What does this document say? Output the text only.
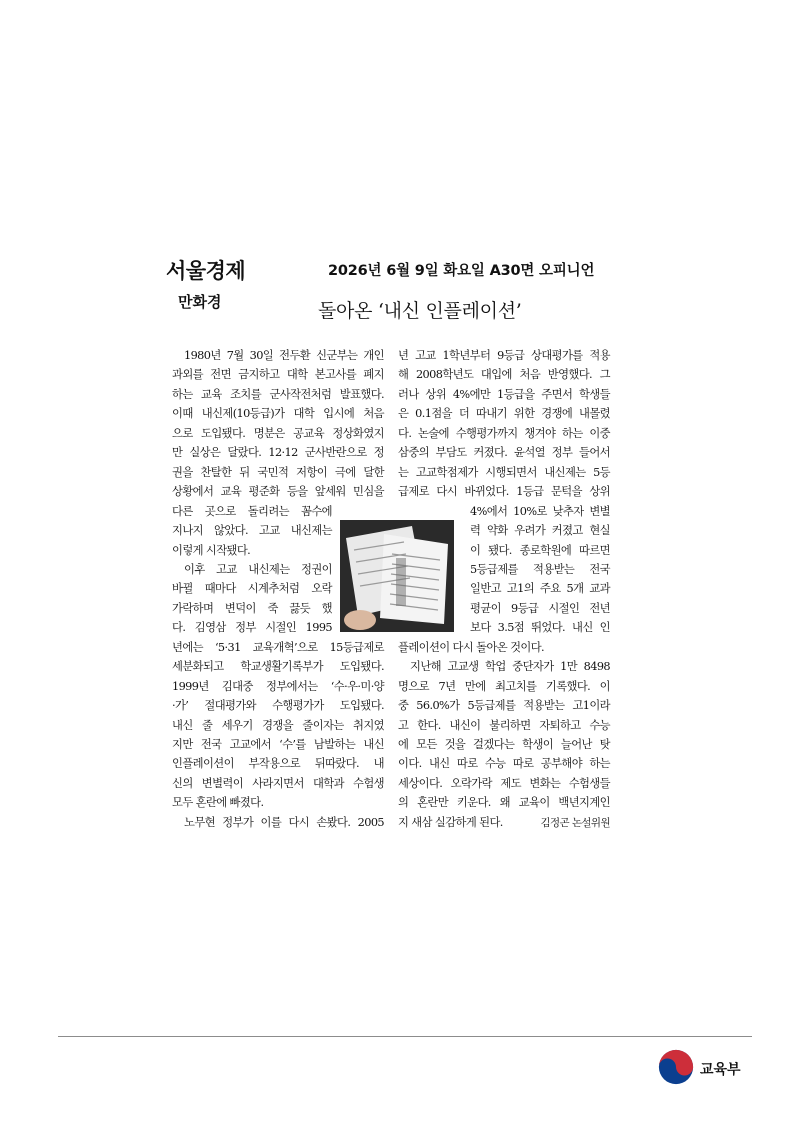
서울경제	2026년 6월 9일 화요일 A30면 오피니언
만화경	돌아온 ‘내신 인플레이션’
1980년 7월 30일 전두환 신군부는 개인
과외를 전면 금지하고 대학 본고사를 폐지
하는 교육 조치를 군사작전처럼 발표했다.
이때 내신제(10등급)가 대학 입시에 처음
으로 도입됐다. 명분은 공교육 정상화였지
만 실상은 달랐다. 12·12 군사반란으로 정
권을 찬탈한 뒤 국민적 저항이 극에 달한
상황에서 교육 평준화 등을 앞세워 민심을
다른 곳으로 돌리려는 꼼수에
지나지 않았다. 고교 내신제는
이렇게 시작됐다.
이후 고교 내신제는 정권이
바뀔 때마다 시계추처럼 오락
가락하며 변덕이 죽 끓듯 했
다. 김영삼 정부 시절인 1995
년에는 ‘5·31 교육개혁’으로 15등급제로
세분화되고 학교생활기록부가 도입됐다.
1999년 김대중 정부에서는 ‘수·우·미·양
·가’ 절대평가와 수행평가가 도입됐다.
내신 줄 세우기 경쟁을 줄이자는 취지였
지만 전국 고교에서 ‘수’를 남발하는 내신
인플레이션이 부작용으로 뒤따랐다. 내
신의 변별력이 사라지면서 대학과 수험생
모두 혼란에 빠졌다.
노무현 정부가 이를 다시 손봤다. 2005
년 고교 1학년부터 9등급 상대평가를 적용
해 2008학년도 대입에 처음 반영했다. 그
러나 상위 4%에만 1등급을 주면서 학생들
은 0.1점을 더 따내기 위한 경쟁에 내몰렸
다. 논술에 수행평가까지 챙겨야 하는 이중
삼중의 부담도 커졌다. 윤석열 정부 들어서
는 고교학점제가 시행되면서 내신제는 5등
급제로 다시 바뀌었다. 1등급 문턱을 상위
4%에서 10%로 낮추자 변별
력 약화 우려가 커졌고 현실
이 됐다. 종로학원에 따르면
5등급제를 적용받는 전국
일반고 고1의 주요 5개 교과
평균이 9등급 시절인 전년
보다 3.5점 뛰었다. 내신 인
플레이션이 다시 돌아온 것이다.
지난해 고교생 학업 중단자가 1만 8498
명으로 7년 만에 최고치를 기록했다. 이
중 56.0%가 5등급제를 적용받는 고1이라
고 한다. 내신이 불리하면 자퇴하고 수능
에 모든 것을 걸겠다는 학생이 늘어난 탓
이다. 내신 따로 수능 따로 공부해야 하는
세상이다. 오락가락 제도 변화는 수험생들
의 혼란만 키운다. 왜 교육이 백년지계인
지 새삼 실감하게 된다.
교육부
김정곤 논설위원
